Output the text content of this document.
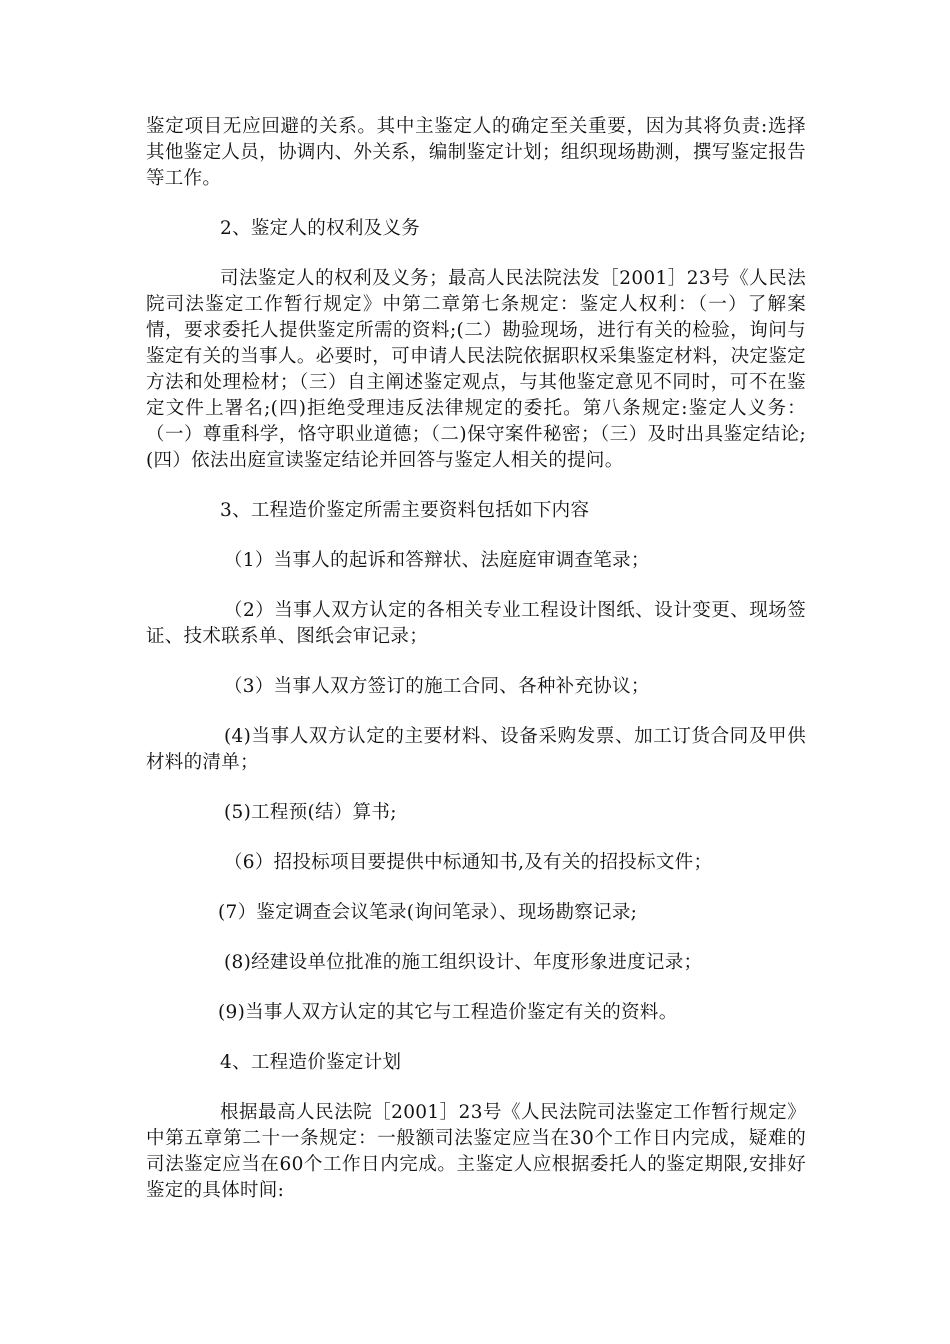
鉴定项目无应回避的关系。其中主鉴定人的确定至关重要，因为其将负责:选择其他鉴定人员，协调内、外关系，编制鉴定计划；组织现场勘测，撰写鉴定报告等工作。

2、鉴定人的权利及义务

司法鉴定人的权利及义务；最高人民法院法发［2001］23号《人民法院司法鉴定工作暂行规定》中第二章第七条规定：鉴定人权利：（一）了解案情，要求委托人提供鉴定所需的资料;(二）勘验现场，进行有关的检验，询问与鉴定有关的当事人。必要时，可申请人民法院依据职权采集鉴定材料，决定鉴定方法和处理检材；（三）自主阐述鉴定观点，与其他鉴定意见不同时，可不在鉴定文件上署名;(四)拒绝受理违反法律规定的委托。第八条规定:鉴定人义务：（一）尊重科学，恪守职业道德；（二)保守案件秘密；（三）及时出具鉴定结论;(四）依法出庭宣读鉴定结论并回答与鉴定人相关的提问。

3、工程造价鉴定所需主要资料包括如下内容

（1）当事人的起诉和答辩状、法庭庭审调查笔录；

（2）当事人双方认定的各相关专业工程设计图纸、设计变更、现场签证、技术联系单、图纸会审记录；

（3）当事人双方签订的施工合同、各种补充协议；

(4)当事人双方认定的主要材料、设备采购发票、加工订货合同及甲供材料的清单；

(5)工程预(结）算书;

（6）招投标项目要提供中标通知书,及有关的招投标文件；

(7）鉴定调查会议笔录(询问笔录）、现场勘察记录;

(8)经建设单位批准的施工组织设计、年度形象进度记录；

(9)当事人双方认定的其它与工程造价鉴定有关的资料。

4、工程造价鉴定计划

根据最高人民法院［2001］23号《人民法院司法鉴定工作暂行规定》中第五章第二十一条规定：一般额司法鉴定应当在30个工作日内完成，疑难的司法鉴定应当在60个工作日内完成。主鉴定人应根据委托人的鉴定期限,安排好鉴定的具体时间:
